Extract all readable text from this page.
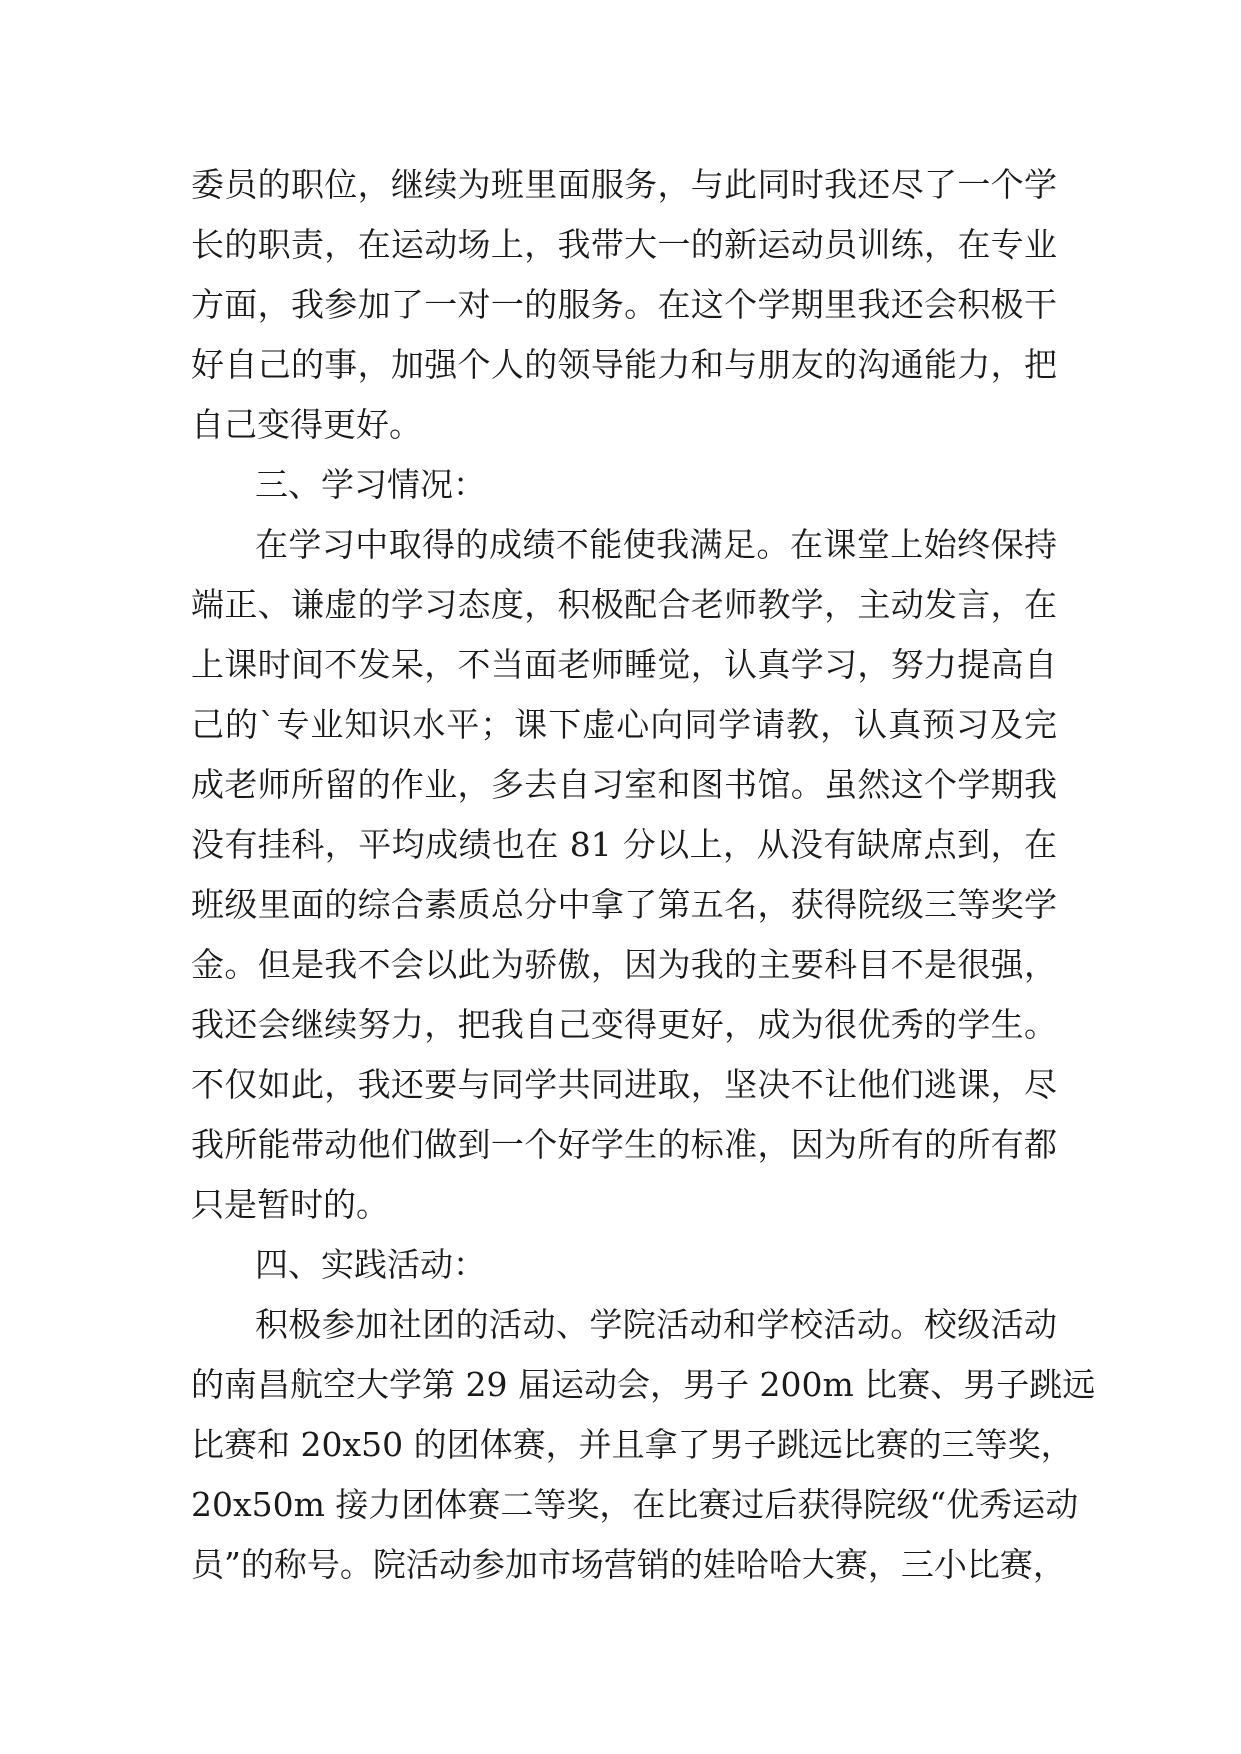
委员的职位，继续为班里面服务，与此同时我还尽了一个学
长的职责，在运动场上，我带大一的新运动员训练，在专业
方面，我参加了一对一的服务。在这个学期里我还会积极干
好自己的事，加强个人的领导能力和与朋友的沟通能力，把
自己变得更好。
三、学习情况：
在学习中取得的成绩不能使我满足。在课堂上始终保持
端正、谦虚的学习态度，积极配合老师教学，主动发言，在
上课时间不发呆，不当面老师睡觉，认真学习，努力提高自
己的`专业知识水平；课下虚心向同学请教，认真预习及完
成老师所留的作业，多去自习室和图书馆。虽然这个学期我
没有挂科，平均成绩也在 81 分以上，从没有缺席点到，在
班级里面的综合素质总分中拿了第五名，获得院级三等奖学
金。但是我不会以此为骄傲，因为我的主要科目不是很强，
我还会继续努力，把我自己变得更好，成为很优秀的学生。
不仅如此，我还要与同学共同进取，坚决不让他们逃课，尽
我所能带动他们做到一个好学生的标准，因为所有的所有都
只是暂时的。
四、实践活动：
积极参加社团的活动、学院活动和学校活动。校级活动
的南昌航空大学第 29 届运动会，男子 200m 比赛、男子跳远
比赛和 20x50 的团体赛，并且拿了男子跳远比赛的三等奖，
20x50m 接力团体赛二等奖，在比赛过后获得院级“优秀运动
员”的称号。院活动参加市场营销的娃哈哈大赛，三小比赛，
